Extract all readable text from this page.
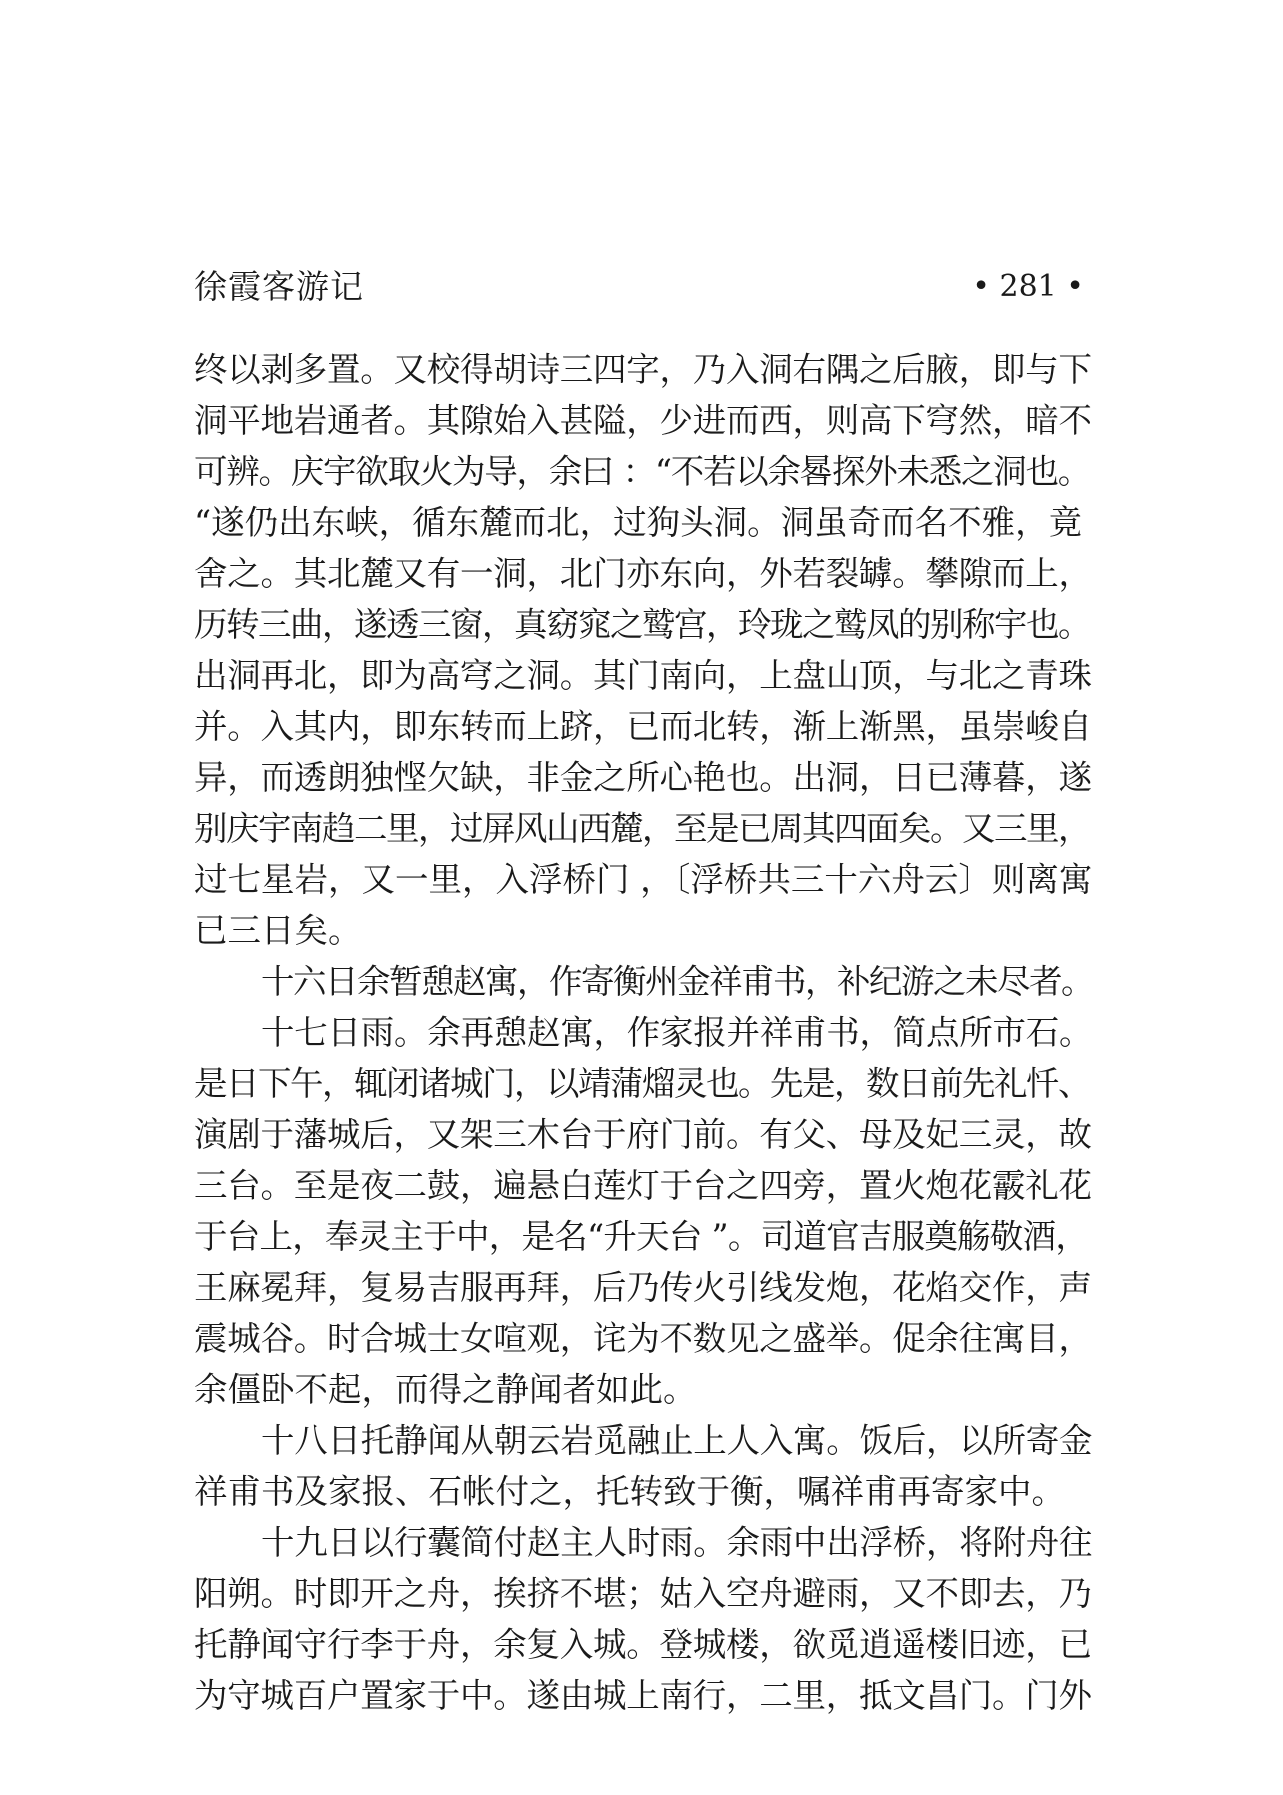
徐霞客游记	• 281 •
终以剥多置。又校得胡诗三四字，乃入洞右隅之后腋，即与下
洞平地岩通者。其隙始入甚隘，少进而西，则高下穹然，暗不
可辨。庆宇欲取火为导，余曰 ：“不若以余晷探外未悉之洞也。
“遂仍出东峡，循东麓而北，过狗头洞。洞虽奇而名不雅，竟
舍之。其北麓又有一洞，北门亦东向，外若裂罅。攀隙而上，
历转三曲，遂透三窗，真窈窕之鹫宫，玲珑之鹫凤的别称宇也。
出洞再北，即为高穹之洞。其门南向，上盘山顶，与北之青珠
并。入其内，即东转而上跻，已而北转，渐上渐黑，虽崇峻自
异，而透朗独悭欠缺，非金之所心艳也。出洞，日已薄暮，遂
别庆宇南趋二里，过屏风山西麓，至是已周其四面矣。又三里，
过七星岩，又一里，入浮桥门 ，〔浮桥共三十六舟云〕则离寓
已三日矣。
十六日余暂憩赵寓，作寄衡州金祥甫书，补纪游之未尽者。
十七日雨。余再憩赵寓，作家报并祥甫书，简点所市石。
是日下午，辄闭诸城门，以靖蒲熘灵也。先是，数日前先礼忏、
演剧于藩城后，又架三木台于府门前。有父、母及妃三灵，故
三台。至是夜二鼓，遍悬白莲灯于台之四旁，置火炮花霰礼花
于台上，奉灵主于中，是名“升天台 ”。司道官吉服奠觞敬酒，
王麻冕拜，复易吉服再拜，后乃传火引线发炮，花焰交作，声
震城谷。时合城士女喧观，诧为不数见之盛举。促余往寓目，
余僵卧不起，而得之静闻者如此。
十八日托静闻从朝云岩觅融止上人入寓。饭后，以所寄金
祥甫书及家报、石帐付之，托转致于衡，嘱祥甫再寄家中。
十九日以行囊简付赵主人时雨。余雨中出浮桥，将附舟往
阳朔。时即开之舟，挨挤不堪；姑入空舟避雨，又不即去，乃
托静闻守行李于舟，余复入城。登城楼，欲觅逍遥楼旧迹，已
为守城百户置家于中。遂由城上南行，二里，抵文昌门。门外
